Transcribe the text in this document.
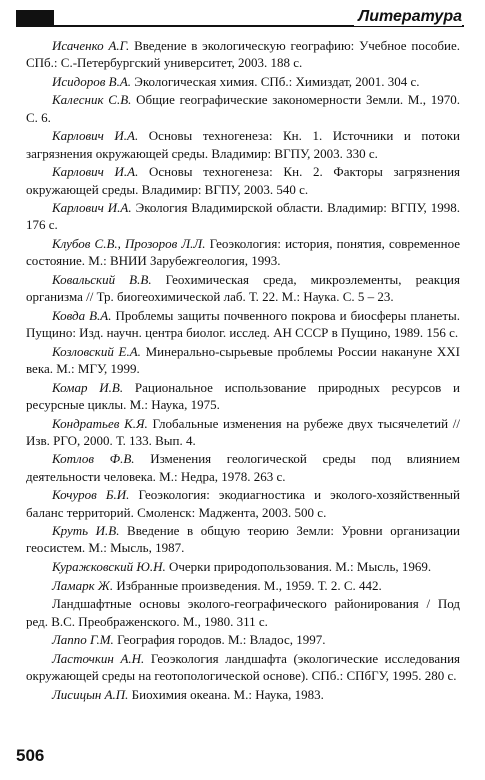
Литература

Исаченко А.Г. Введение в экологическую географию: Учебное пособие. СПб.: С.-Петербургский университет, 2003. 188 с.

Исидоров В.А. Экологическая химия. СПб.: Химиздат, 2001. 304 с.

Калесник С.В. Общие географические закономерности Земли. М., 1970. С. 6.

Карлович И.А. Основы техногенеза: Кн. 1. Источники и потоки загрязнения окружающей среды. Владимир: ВГПУ, 2003. 330 с.

Карлович И.А. Основы техногенеза: Кн. 2. Факторы загрязнения окружающей среды. Владимир: ВГПУ, 2003. 540 с.

Карлович И.А. Экология Владимирской области. Владимир: ВГПУ, 1998. 176 с.

Клубов С.В., Прозоров Л.Л. Геоэкология: история, понятия, современное состояние. М.: ВНИИ Зарубежгеология, 1993.

Ковальский В.В. Геохимическая среда, микроэлементы, реакция организма // Тр. биогеохимической лаб. Т. 22. М.: Наука. С. 5 – 23.

Ковда В.А. Проблемы защиты почвенного покрова и биосферы планеты. Пущино: Изд. научн. центра биолог. исслед. АН СССР в Пущино, 1989. 156 с.

Козловский Е.А. Минерально-сырьевые проблемы России накануне XXI века. М.: МГУ, 1999.

Комар И.В. Рациональное использование природных ресурсов и ресурсные циклы. М.: Наука, 1975.

Кондратьев К.Я. Глобальные изменения на рубеже двух тысячелетий // Изв. РГО, 2000. Т. 133. Вып. 4.

Котлов Ф.В. Изменения геологической среды под влиянием деятельности человека. М.: Недра, 1978. 263 с.

Кочуров Б.И. Геоэкология: экодиагностика и эколого-хозяйственный баланс территорий. Смоленск: Маджента, 2003. 500 с.

Круть И.В. Введение в общую теорию Земли: Уровни организации геосистем. М.: Мысль, 1987.

Куражковский Ю.Н. Очерки природопользования. М.: Мысль, 1969.

Ламарк Ж. Избранные произведения. М., 1959. Т. 2. С. 442.

Ландшафтные основы эколого-географического районирования / Под ред. В.С. Преображенского. М., 1980. 311 с.

Лаппо Г.М. География городов. М.: Владос, 1997.

Ласточкин А.Н. Геоэкология ландшафта (экологические исследования окружающей среды на геотопологической основе). СПб.: СПбГУ, 1995. 280 с.

Лисицын А.П. Биохимия океана. М.: Наука, 1983.

506
